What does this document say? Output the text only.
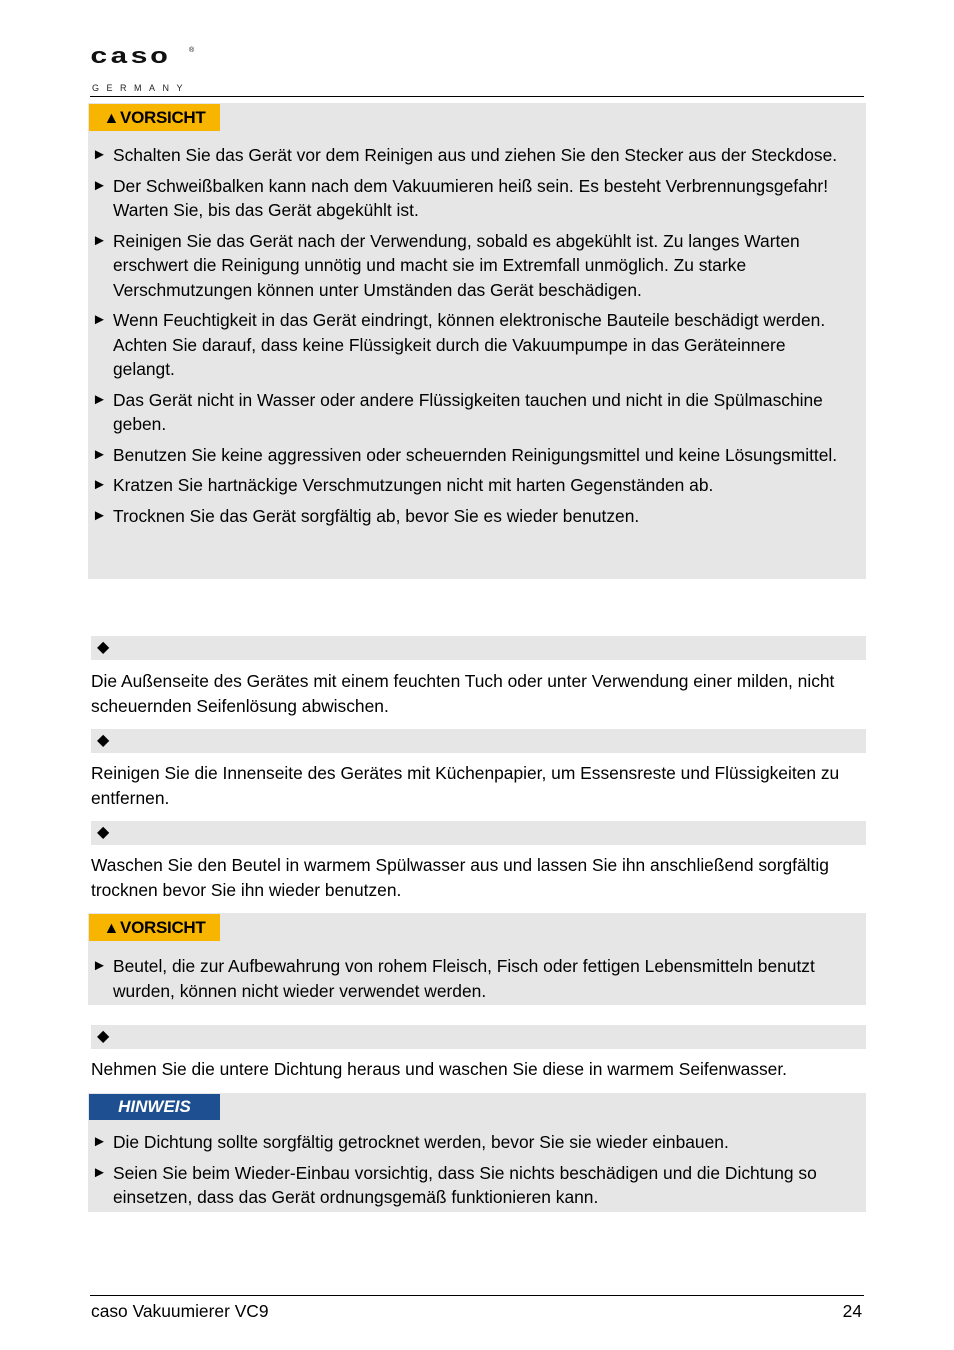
caso	®
GERMANY
▲VORSICHT
► Schalten Sie das Gerät vor dem Reinigen aus und ziehen Sie den Stecker aus der Steckdose.
► Der Schweißbalken kann nach dem Vakuumieren heiß sein. Es besteht Verbrennungsgefahr! Warten Sie, bis das Gerät abgekühlt ist.
► Reinigen Sie das Gerät nach der Verwendung, sobald es abgekühlt ist. Zu langes Warten erschwert die Reinigung unnötig und macht sie im Extremfall unmöglich. Zu starke Verschmutzungen können unter Umständen das Gerät beschädigen.
► Wenn Feuchtigkeit in das Gerät eindringt, können elektronische Bauteile beschädigt werden. Achten Sie darauf, dass keine Flüssigkeit durch die Vakuumpumpe in das Geräteinnere gelangt.
► Das Gerät nicht in Wasser oder andere Flüssigkeiten tauchen und nicht in die Spülmaschine geben.
► Benutzen Sie keine aggressiven oder scheuernden Reinigungsmittel und keine Lösungsmittel.
► Kratzen Sie hartnäckige Verschmutzungen nicht mit harten Gegenständen ab.
► Trocknen Sie das Gerät sorgfältig ab, bevor Sie es wieder benutzen.
◆
Die Außenseite des Gerätes mit einem feuchten Tuch oder unter Verwendung einer milden, nicht scheuernden Seifenlösung abwischen.
◆
Reinigen Sie die Innenseite des Gerätes mit Küchenpapier, um Essensreste und Flüssigkeiten zu entfernen.
◆
Waschen Sie den Beutel in warmem Spülwasser aus und lassen Sie ihn anschließend sorgfältig trocknen bevor Sie ihn wieder benutzen.
▲VORSICHT
► Beutel, die zur Aufbewahrung von rohem Fleisch, Fisch oder fettigen Lebensmitteln benutzt wurden, können nicht wieder verwendet werden.
◆
Nehmen Sie die untere Dichtung heraus und waschen Sie diese in warmem Seifenwasser.
HINWEIS
► Die Dichtung sollte sorgfältig getrocknet werden, bevor Sie sie wieder einbauen.
► Seien Sie beim Wieder-Einbau vorsichtig, dass Sie nichts beschädigen und die Dichtung so einsetzen, dass das Gerät ordnungsgemäß funktionieren kann.
caso Vakuumierer VC9	24
